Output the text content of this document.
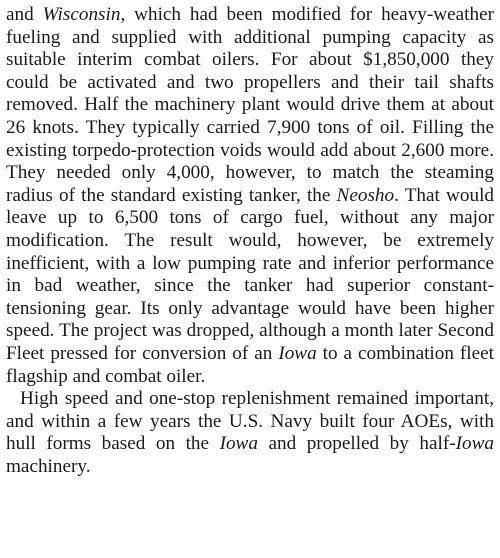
and Wisconsin, which had been modified for heavy-weather fueling and supplied with additional pumping capacity as suitable interim combat oilers. For about $1,850,000 they could be activated and two propellers and their tail shafts removed. Half the machinery plant would drive them at about 26 knots. They typically carried 7,900 tons of oil. Filling the existing torpedo-protection voids would add about 2,600 more. They needed only 4,000, however, to match the steaming radius of the standard existing tanker, the Neosho. That would leave up to 6,500 tons of cargo fuel, without any major modification. The result would, however, be extremely inefficient, with a low pumping rate and inferior performance in bad weather, since the tanker had superior constant-tensioning gear. Its only advantage would have been higher speed. The project was dropped, although a month later Second Fleet pressed for conversion of an Iowa to a combination fleet flagship and combat oiler.

High speed and one-stop replenishment remained important, and within a few years the U.S. Navy built four AOEs, with hull forms based on the Iowa and propelled by half-Iowa machinery.
